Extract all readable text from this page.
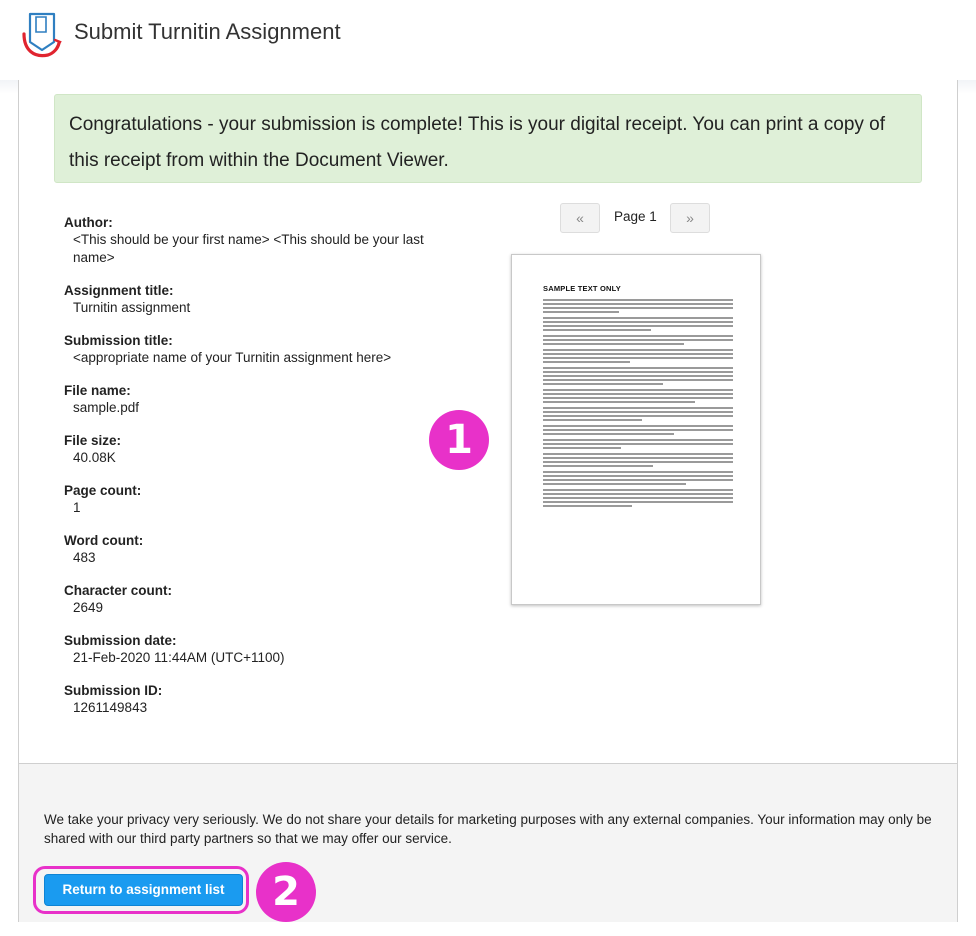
Submit Turnitin Assignment
Congratulations - your submission is complete! This is your digital receipt. You can print a copy of this receipt from within the Document Viewer.
Author:
<This should be your first name> <This should be your last name>
Assignment title:
Turnitin assignment
Submission title:
<appropriate name of your Turnitin assignment here>
File name:
sample.pdf
File size:
40.08K
Page count:
1
Word count:
483
Character count:
2649
Submission date:
21-Feb-2020 11:44AM (UTC+1100)
Submission ID:
1261149843
«	Page 1	»
SAMPLE TEXT ONLY
We take your privacy very seriously. We do not share your details for marketing purposes with any external companies. Your information may only be shared with our third party partners so that we may offer our service.
1
Return to assignment list	2
